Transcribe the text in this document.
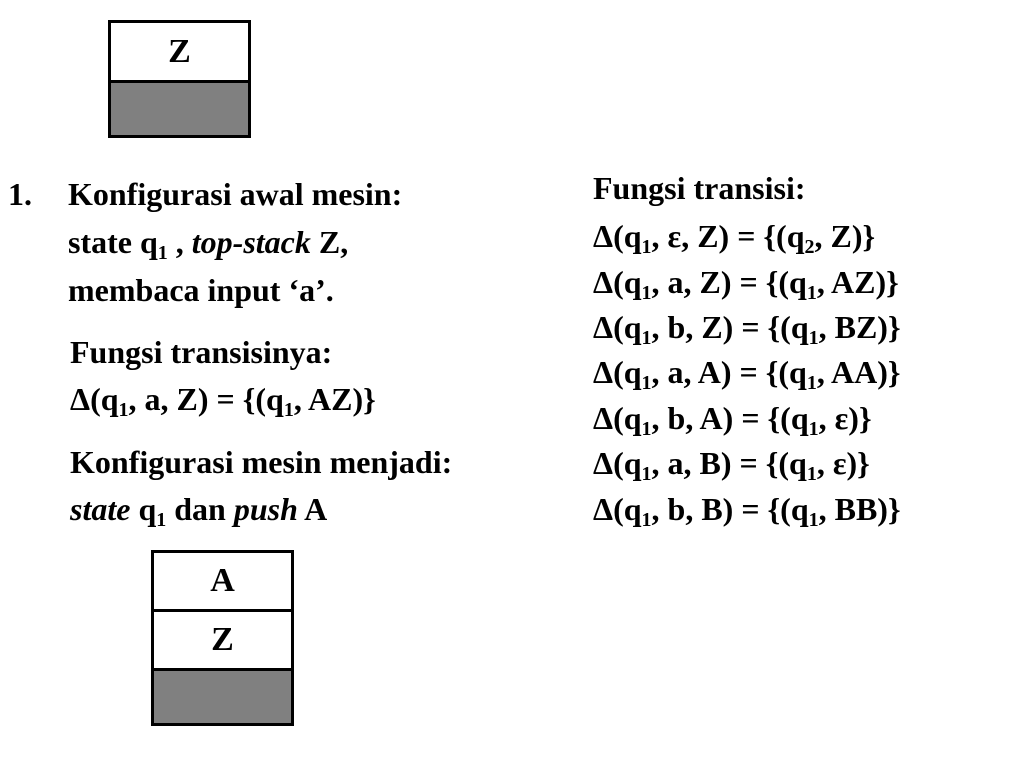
Z
1. Konfigurasi awal mesin:
state $q_1$ , top-stack Z,
membaca input ‘a’.
Fungsi transisinya:
$\Delta(q_1$, a, $Z) = \{(q_1$, AZ)}
Konfigurasi mesin menjadi:
state $q_1$ dan push A
A
Z
Fungsi transisi:
$\Delta(q_1$, ε, $Z) = \{(q_2$, Z)}
$\Delta(q_1$, a, $Z) = \{(q_1$, AZ)}
$\Delta(q_1$, b, $Z) = \{(q_1$, BZ)}
$\Delta(q_1$, a, $A) = \{(q_1$, AA)}
$\Delta(q_1$, b, $A) = \{(q_1$, ε)}
$\Delta(q_1$, a, $B) = \{(q_1$, ε)}
$\Delta(q_1$, b, $B) = \{(q_1$, BB)}
